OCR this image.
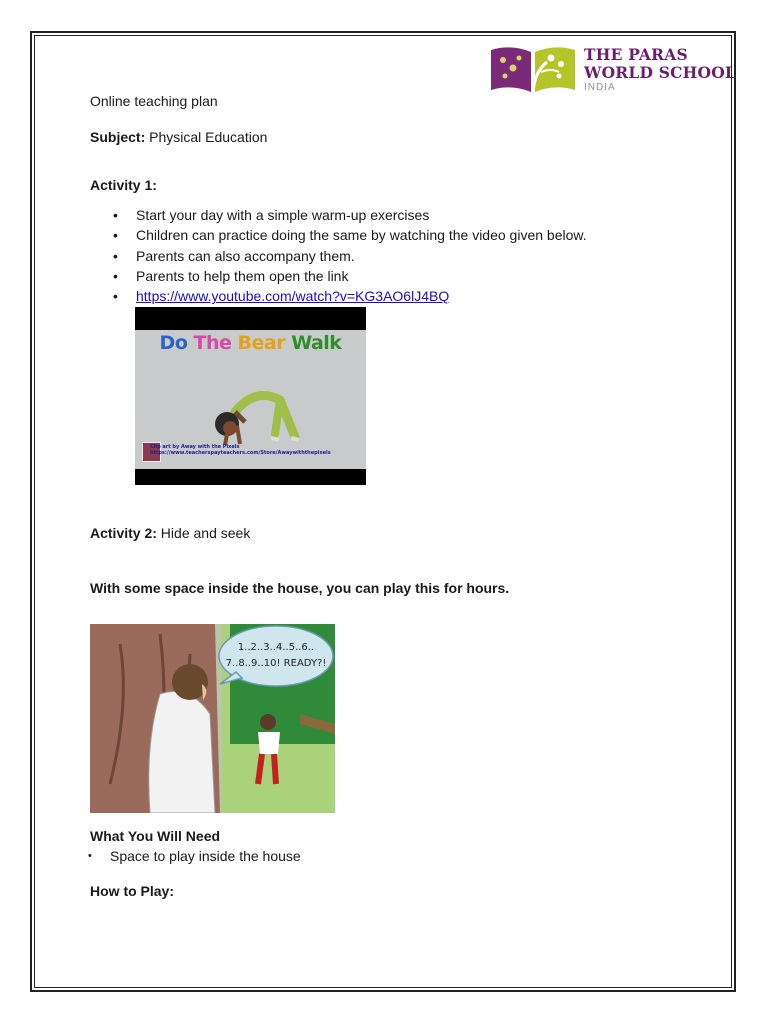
THE PARAS
WORLD SCHOOL
INDIA
Online teaching plan
Subject: Physical Education
Activity 1:
• Start your day with a simple warm-up exercises
• Children can practice doing the same by watching the video given below.
• Parents can also accompany them.
• Parents to help them open the link
• https://www.youtube.com/watch?v=KG3AO6lJ4BQ
Do The Bear Walk
Clip art by Away with the Pixels
https://www.teacherspayteachers.com/Store/Awaywiththepixels
Activity 2: Hide and seek
With some space inside the house, you can play this for hours.
1..2..3..4..5..6..
7..8..9..10! READY?!
What You Will Need
• Space to play inside the house
How to Play:
